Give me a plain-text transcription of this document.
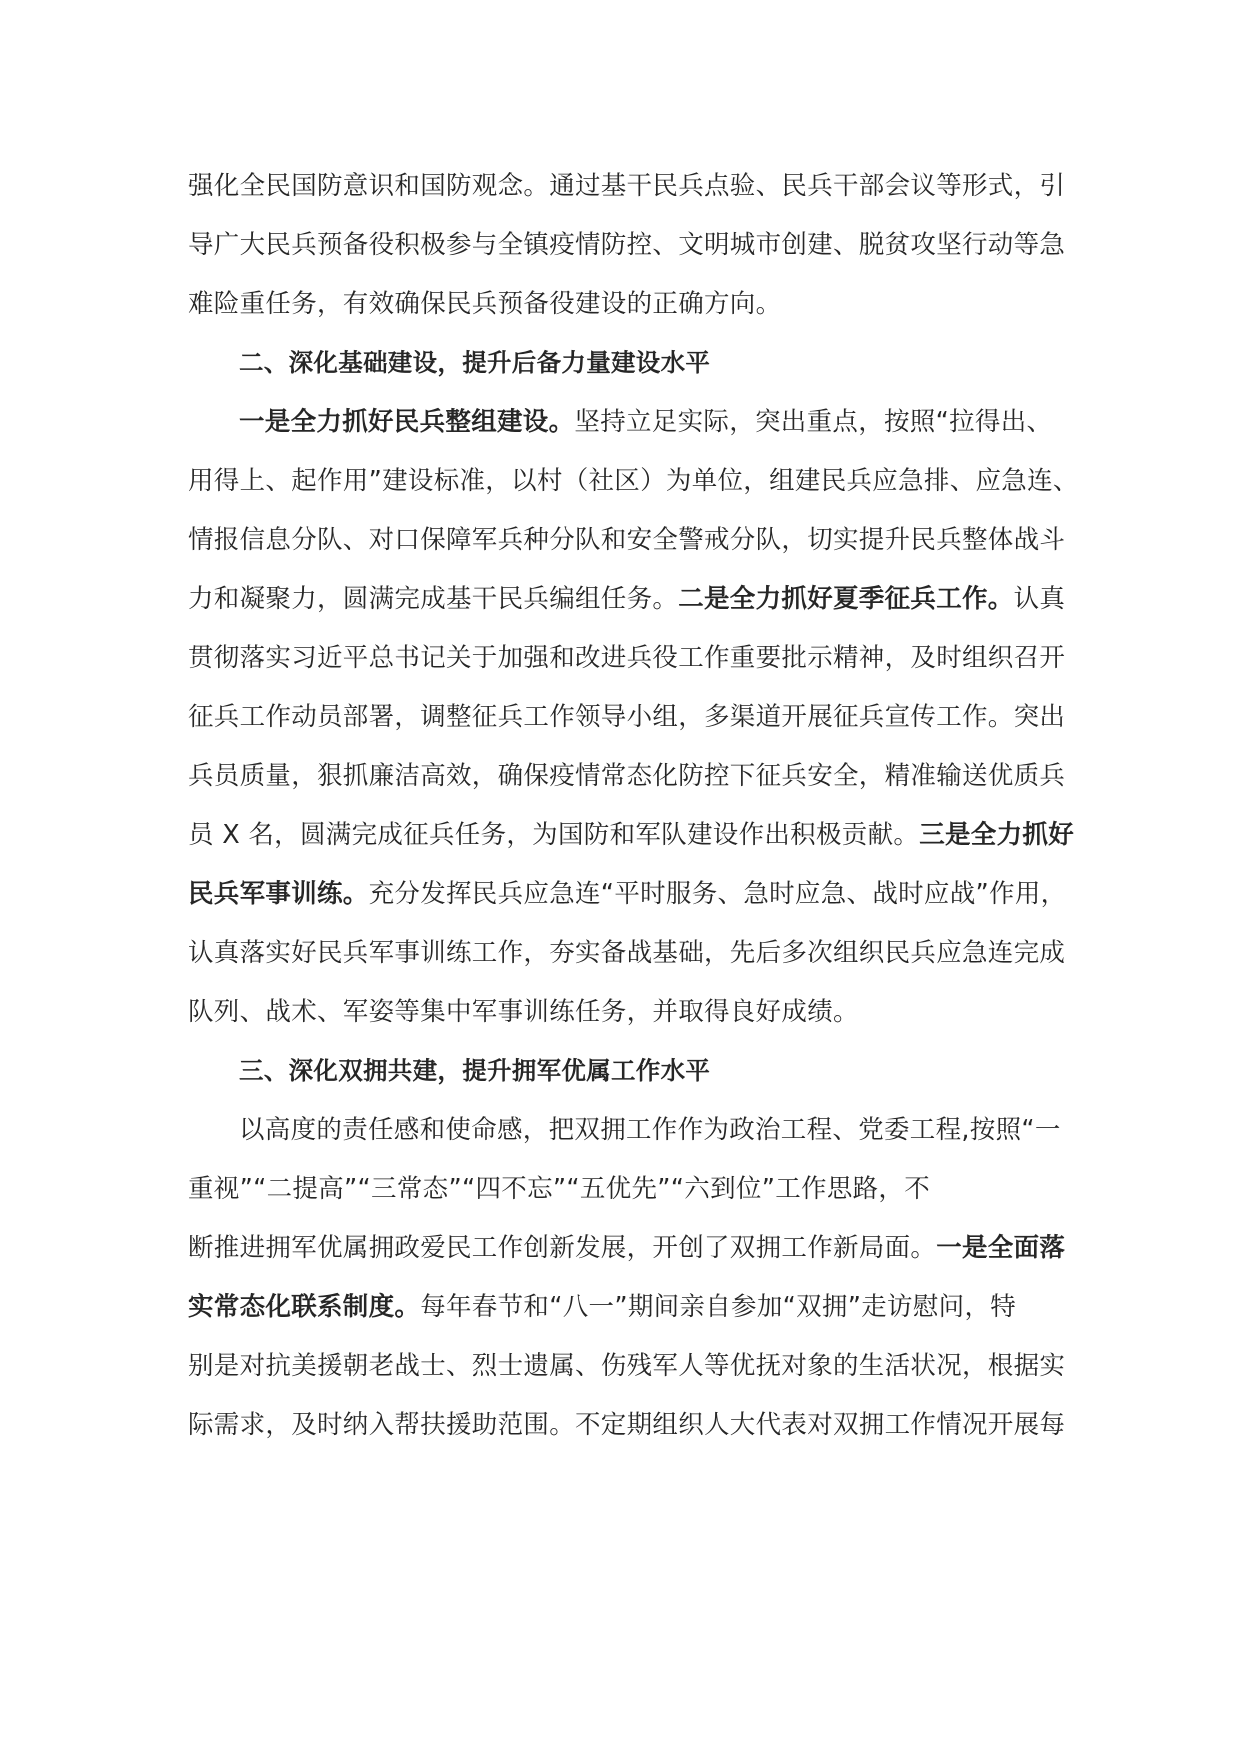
强化全民国防意识和国防观念。通过基干民兵点验、民兵干部会议等形式，引
导广大民兵预备役积极参与全镇疫情防控、文明城市创建、脱贫攻坚行动等急
难险重任务，有效确保民兵预备役建设的正确方向。
二、深化基础建设，提升后备力量建设水平
一是全力抓好民兵整组建设。坚持立足实际，突出重点，按照“拉得出、
用得上、起作用”建设标准，以村（社区）为单位，组建民兵应急排、应急连、
情报信息分队、对口保障军兵种分队和安全警戒分队，切实提升民兵整体战斗
力和凝聚力，圆满完成基干民兵编组任务。二是全力抓好夏季征兵工作。认真
贯彻落实习近平总书记关于加强和改进兵役工作重要批示精神，及时组织召开
征兵工作动员部署，调整征兵工作领导小组，多渠道开展征兵宣传工作。突出
兵员质量，狠抓廉洁高效，确保疫情常态化防控下征兵安全，精准输送优质兵
员 X 名，圆满完成征兵任务，为国防和军队建设作出积极贡献。三是全力抓好
民兵军事训练。充分发挥民兵应急连“平时服务、急时应急、战时应战”作用，
认真落实好民兵军事训练工作，夯实备战基础，先后多次组织民兵应急连完成
队列、战术、军姿等集中军事训练任务，并取得良好成绩。
三、深化双拥共建，提升拥军优属工作水平
以高度的责任感和使命感，把双拥工作作为政治工程、党委工程,按照“一
重视”“二提高”“三常态”“四不忘”“五优先”“六到位”工作思路，不
断推进拥军优属拥政爱民工作创新发展，开创了双拥工作新局面。一是全面落
实常态化联系制度。每年春节和“八一”期间亲自参加“双拥”走访慰问，特
别是对抗美援朝老战士、烈士遗属、伤残军人等优抚对象的生活状况，根据实
际需求，及时纳入帮扶援助范围。不定期组织人大代表对双拥工作情况开展每
